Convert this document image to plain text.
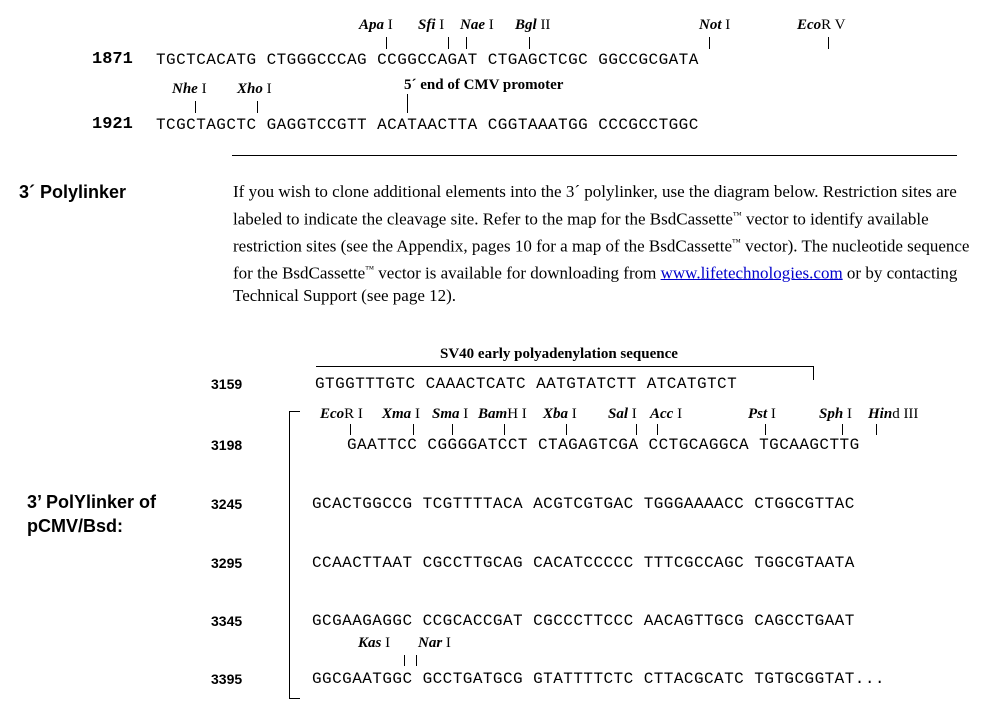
Apa I Sfi I Nae I Bgl II	Not I	EcoR V
1871 TGCTCACATG CTGGGCCCAG CCGGCCAGAT CTGAGCTCGC GGCCGCGATA
Nhe I Xho I	5´ end of CMV promoter
1921 TCGCTAGCTC GAGGTCCGTT ACATAACTTA CGGTAAATGG CCCGCCTGGC
3´ Polylinker	If you wish to clone additional elements into the 3´ polylinker, use the diagram below. Restriction sites are labeled to indicate the cleavage site. Refer to the map for the BsdCassette™ vector to identify available restriction sites (see the Appendix, pages 10 for a map of the BsdCassette™ vector). The nucleotide sequence for the BsdCassette™ vector is available for downloading from www.lifetechnologies.com or by contacting Technical Support (see page 12).
SV40 early polyadenylation sequence
3159	GTGGTTTGTC CAAACTCATC AATGTATCTT ATCATGTCT
EcoR I Xma I Sma I BamH I Xba I Sal I Acc I	Pst I	Sph I Hind III
3198	GAATTCC CGGGGATCCT CTAGAGTCGA CCTGCAGGCA TGCAAGCTTG
3’ PolYlinker of pCMV/Bsd:
3245	GCACTGGCCG TCGTTTTACA ACGTCGTGAC TGGGAAAACC CTGGCGTTAC
3295	CCAACTTAAT CGCCTTGCAG CACATCCCCC TTTCGCCAGC TGGCGTAATA
3345	GCGAAGAGGC CCGCACCGAT CGCCCTTCCC AACAGTTGCG CAGCCTGAAT
Kas I Nar I
3395	GGCGAATGGC GCCTGATGCG GTATTTTCTC CTTACGCATC TGTGCGGTAT...
